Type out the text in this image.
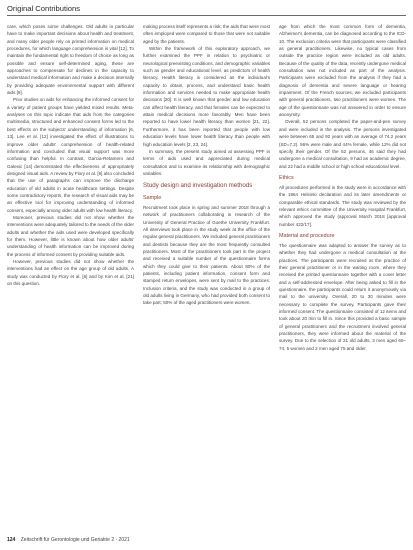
Original Contributions

care, which poses some challenges. Old adults in particular have to make important decisions about health and treatment, and many older people rely on printed information on medical procedures, for which language comprehension is vital [12]. To maintain the fundamental right to freedom of choice as long as possible and ensure self-determined aging, these are approaches to compensate for declines in the capacity to understand medical information and make a decision internally by providing adequate environmental support with different aids [9].

Prior studies on aids for enhancing the informed consent for a variety of patient groups have yielded mixed results. Meta-analyses on this topic indicate that aids from the categories multimedia, structured and enhanced consent forms led to the best effects on the subjects' understanding of information [6, 13]. Lee et al. [12] investigated the effect of illustrations to improve older adults' comprehension of health-related information and concluded that visual support was more confusing than helpful. In contrast, Garcia-Retamero and Galesic [14] demonstrated the effectiveness of appropriately designed visual aids. A review by Flory et al. [6] also concluded that the use of paragraphs can improve the discharge education of old adults in acute healthcare settings. Despite some contradictory reports, the research of visual aids may be an effective tool for improving understanding of informed consent, especially among older adults with low health literacy.

Moreover, previous studies did not show whether the interventions were adequately tailored to the needs of the older adults and whether the aids used were developed specifically for them. However, little is known about how older adults' understanding of health information can be improved during the process of informed consent by providing suitable aids.

However, previous studies did not show whether the interventions had an effect on the age group of old adults. A study was conducted by Flory et al. [6] and by Kim et al. [21] on this question.

making process itself represents a risk; the aids that were most often employed were compared to those that were not suitable aged by the patients.

Within the framework of this exploratory approach, we further examined the PPF in relation to psychiatric or neurological preexisting conditions, and demographic variables such as gender and educational level, as predictors of health literacy. Health literacy is considered as the individual's capacity to obtain, process, and understand basic health information and services needed to make appropriate health decisions [20]. It is well known that gender and low education can affect health literacy, and that females can be expected to attain medical decisions more favorably. Men have been reported to have lower health literacy than women [21, 22]. Furthermore, it has been reported that people with low education levels have lower health literacy than people with high education levels [2, 23, 24].

In summary, the present study aimed at assessing PPF in terms of aids used and appreciated during medical consultation and to examine its relationship with demographic variables.

Study design and investigation methods
Sample

Recruitment took place in spring and summer 2018 through a network of practitioners collaborating in research of the University of General Practice of Goethe University Frankfurt. All interviews took place in the study week at the office of the regular general practitioners. We included general practitioners and dentists because they are the most frequently consulted practitioners. Most of the practitioners took part in the project and received a suitable number of the questionnaire forms which they could give to their patients. About 80% of the patients, including patient information, consent form and stamped return envelopes, were sent by mail to the practices. Inclusion criteria, and the study was conducted in a group of old adults living in Germany, who had provided both consent to take part; 50% of the aged practitioners were women.

age from which the most common form of dementia, Alzheimer's dementia, can be diagnosed according to the ICD-10. The exclusion criteria were that participants were classified as general practitioners. Likewise, no typical cases from outside the practice region were included as old adults. Because of the quality of the data, recently undergone medical consultation was not included as part of the analysis. Participants were excluded from the analysis if they had a diagnosis of dementia and severe language or hearing impairment. Of the French sources, we excluded participants with general practitioners, two practitioners were women. The age of the questionnaire was not answered in order to ensure anonymity.

Overall, 52 persons completed the paper-and-pen survey and were included in the analysis. The persons investigated were between 65 and 92 years with an average of 74.2 years (SD=7.2). 56% were male and 44% female, while 12% did not specify their gender. Of the 52 persons, 46 said they had undergone a medical consultation, 9 had an academic degree, and 22 had a middle school or high school educational level.

Ethics

All procedures performed in the study were in accordance with the 1964 Helsinki declaration and its later amendments or comparable ethical standards. The study was reviewed by the relevant ethics committee of the University Hospital Frankfurt, which approved the study (approval March 2018 [approval number 422/17].

Material and procedure

The questionnaire was adapted to answer the survey as to whether they had undergone a medical consultation at the practices. The participants were recruited at the practice of their general practitioner or in the waiting room, where they received the printed questionnaire together with a cover letter and a self-addressed envelope. After being asked to fill in the questionnaire, the participants could return it anonymously via mail to the university. Overall, 20 to 30 minutes were necessary to complete the survey. Participants gave their informed consent. The questionnaire consisted of 12 items and took about 20 min to fill in. Since this provided a basic sample of general practitioners and the recruitment involved general practitioners, they were informed about the material of the survey. Due to the selection of 21 old adults, 3 men aged 65–74, 5 women and 2 men aged 75 and older.

124 Zeitschrift für Gerontologie und Geriatrie 2 · 2021
